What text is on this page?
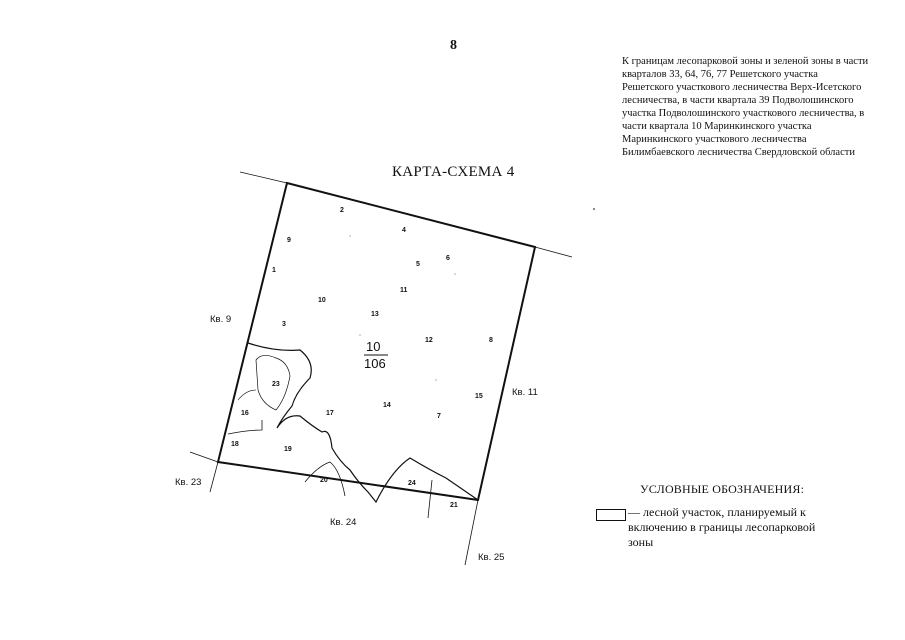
8
К границам лесопарковой зоны и зеленой зоны в части кварталов 33, 64, 76, 77 Решетского участка Решетского участкового лесничества Верх-Исетского лесничества, в части квартала 39 Подволошинского участка Подволошинского участкового лесничества, в части квартала 10 Маринкинского участка Маринкинского участкового лесничества Билимбаевского лесничества Свердловской области
КАРТА-СХЕМА 4
1
2
3
4
5
6
7
8
9
10
11
12
13
14
15
16	17
18
19
20
21
23
24
10
106
Кв. 9
Кв. 11
Кв. 23
Кв. 24
Кв. 25
УСЛОВНЫЕ ОБОЗНАЧЕНИЯ:
— лесной участок, планируемый к включению в границы лесопарковой зоны
